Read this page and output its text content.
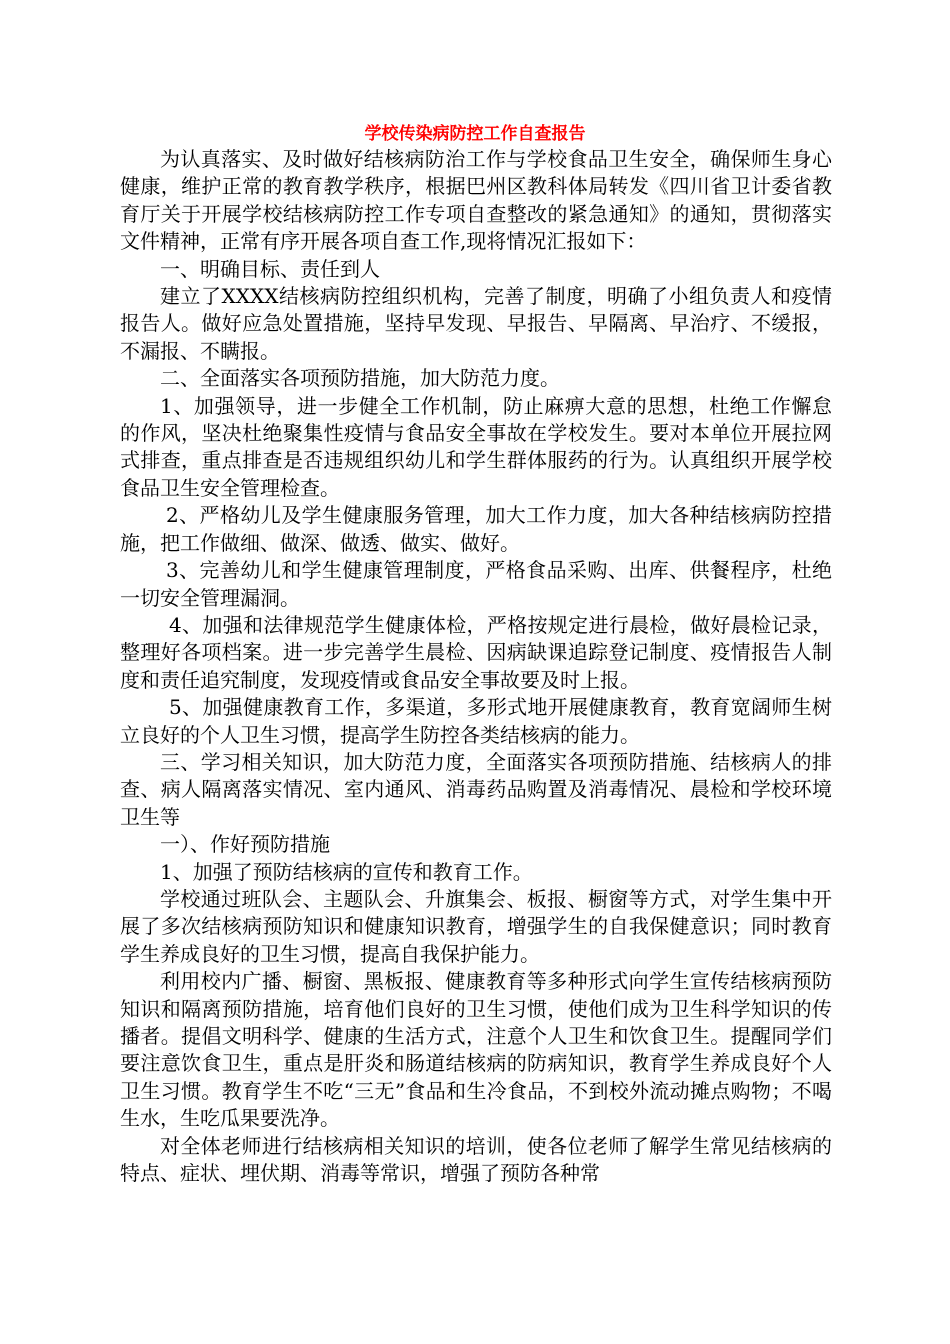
学校传染病防控工作自查报告

为认真落实、及时做好结核病防治工作与学校食品卫生安全，确保师生身心健康，维护正常的教育教学秩序，根据巴州区教科体局转发《四川省卫计委省教育厅关于开展学校结核病防控工作专项自查整改的紧急通知》的通知，贯彻落实文件精神，正常有序开展各项自查工作,现将情况汇报如下：

一、明确目标、责任到人

建立了XXXX结核病防控组织机构，完善了制度，明确了小组负责人和疫情报告人。做好应急处置措施，坚持早发现、早报告、早隔离、早治疗、不缓报，不漏报、不瞒报。

二、全面落实各项预防措施，加大防范力度。

1、加强领导，进一步健全工作机制，防止麻痹大意的思想，杜绝工作懈怠的作风，坚决杜绝聚集性疫情与食品安全事故在学校发生。要对本单位开展拉网式排查，重点排查是否违规组织幼儿和学生群体服药的行为。认真组织开展学校食品卫生安全管理检查。

2、严格幼儿及学生健康服务管理，加大工作力度，加大各种结核病防控措施，把工作做细、做深、做透、做实、做好。

3、完善幼儿和学生健康管理制度，严格食品采购、出库、供餐程序，杜绝一切安全管理漏洞。

4、加强和法律规范学生健康体检，严格按规定进行晨检，做好晨检记录，整理好各项档案。进一步完善学生晨检、因病缺课追踪登记制度、疫情报告人制度和责任追究制度，发现疫情或食品安全事故要及时上报。

5、加强健康教育工作，多渠道，多形式地开展健康教育，教育宽阔师生树立良好的个人卫生习惯，提高学生防控各类结核病的能力。

三、学习相关知识，加大防范力度，全面落实各项预防措施、结核病人的排查、病人隔离落实情况、室内通风、消毒药品购置及消毒情况、晨检和学校环境卫生等

一）、作好预防措施

1、加强了预防结核病的宣传和教育工作。

学校通过班队会、主题队会、升旗集会、板报、橱窗等方式，对学生集中开展了多次结核病预防知识和健康知识教育，增强学生的自我保健意识；同时教育学生养成良好的卫生习惯，提高自我保护能力。

利用校内广播、橱窗、黑板报、健康教育等多种形式向学生宣传结核病预防知识和隔离预防措施，培育他们良好的卫生习惯，使他们成为卫生科学知识的传播者。提倡文明科学、健康的生活方式，注意个人卫生和饮食卫生。提醒同学们要注意饮食卫生，重点是肝炎和肠道结核病的防病知识，教育学生养成良好个人卫生习惯。教育学生不吃“三无”食品和生冷食品，不到校外流动摊点购物；不喝生水，生吃瓜果要洗净。

对全体老师进行结核病相关知识的培训，使各位老师了解学生常见结核病的特点、症状、埋伏期、消毒等常识，增强了预防各种常
